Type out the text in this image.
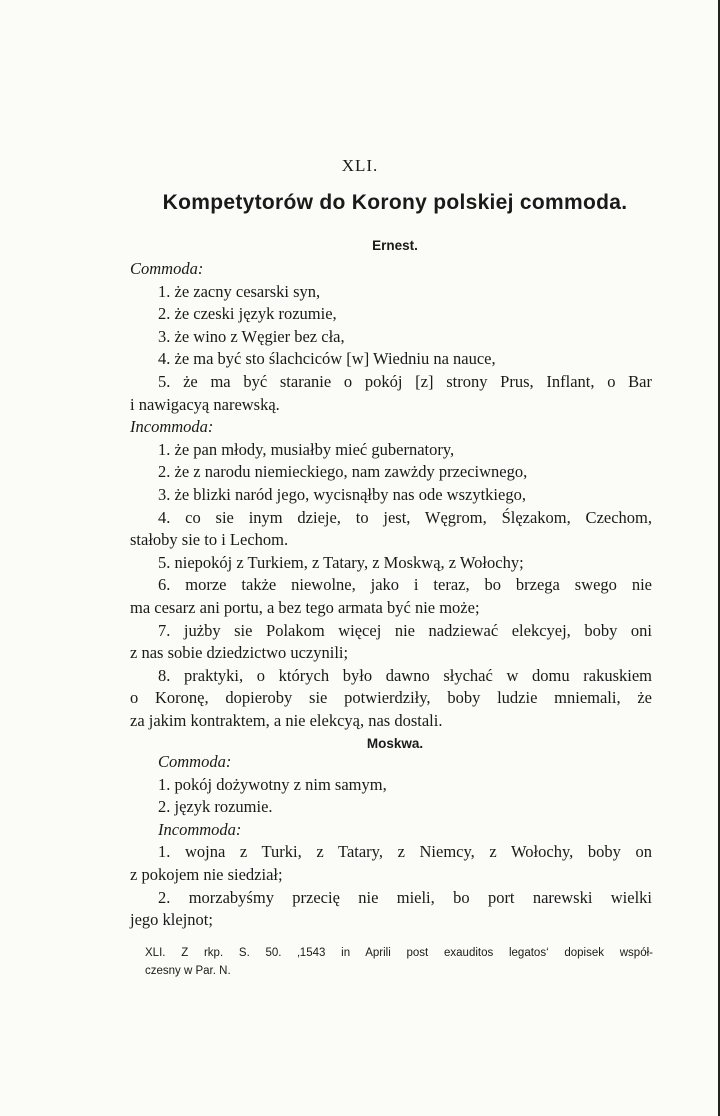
XLI.
Kompetytorów do Korony polskiej commoda.
Ernest.
Commoda:
1. że zacny cesarski syn,
2. że czeski język rozumie,
3. że wino z Węgier bez cła,
4. że ma być sto ślachciców [w] Wiedniu na nauce,
5. że ma być staranie o pokój [z] strony Prus, Inflant, o Bar
i nawigacyą narewską.
Incommoda:
1. że pan młody, musiałby mieć gubernatory,
2. że z narodu niemieckiego, nam zawżdy przeciwnego,
3. że blizki naród jego, wycisnąłby nas ode wszytkiego,
4. co sie inym dzieje, to jest, Węgrom, Ślęzakom, Czechom,
stałoby sie to i Lechom.
5. niepokój z Turkiem, z Tatary, z Moskwą, z Wołochy;
6. morze także niewolne, jako i teraz, bo brzega swego nie
ma cesarz ani portu, a bez tego armata być nie może;
7. jużby sie Polakom więcej nie nadziewać elekcyej, boby oni
z nas sobie dziedzictwo uczynili;
8. praktyki, o których było dawno słychać w domu rakuskiem
o Koronę, dopieroby sie potwierdziły, boby ludzie mniemali, że
za jakim kontraktem, a nie elekcyą, nas dostali.
Moskwa.
Commoda:
1. pokój dożywotny z nim samym,
2. język rozumie.
Incommoda:
1. wojna z Turki, z Tatary, z Niemcy, z Wołochy, boby on
z pokojem nie siedział;
2. morzabyśmy przecię nie mieli, bo port narewski wielki
jego klejnot;
XLI. Z rkp. S. 50. ‚1543 in Aprili post exauditos legatos‘ dopisek współ-
czesny w Par. N.
